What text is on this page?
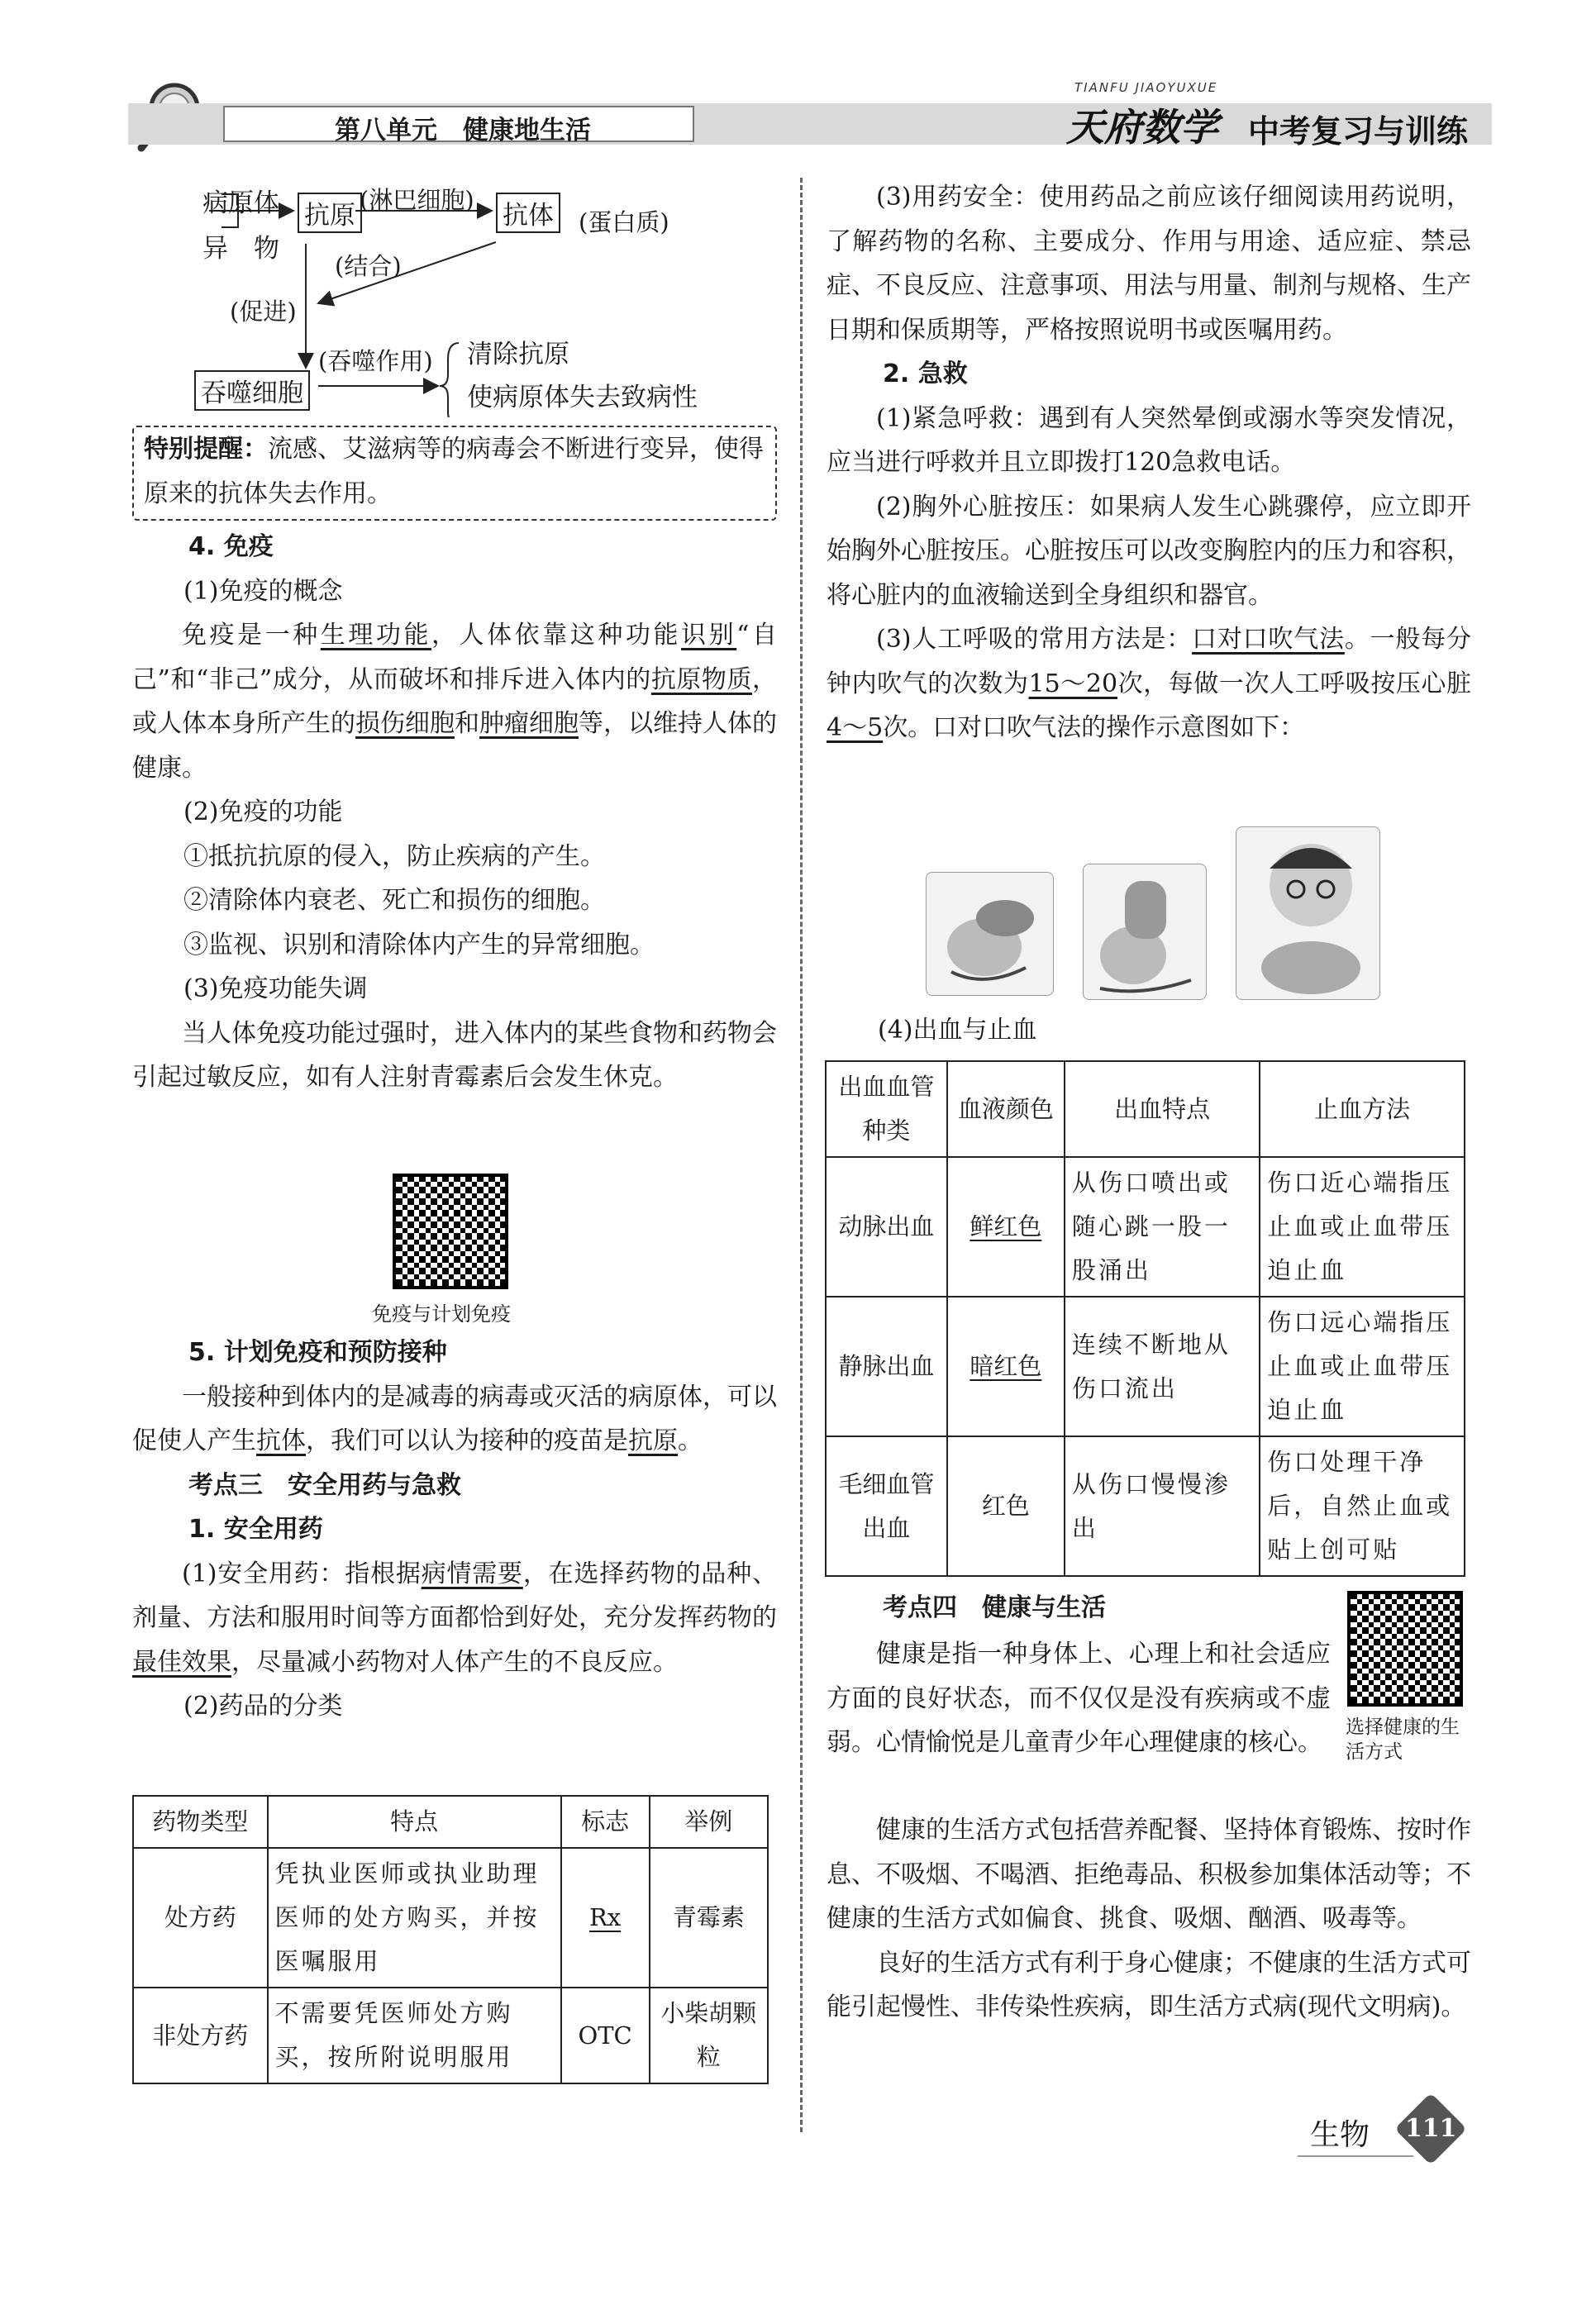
第八单元　健康地生活
TIANFU JIAOYUXUE
天府数学 中考复习与训练
病原体
异　物
抗原
(淋巴细胞)
抗体 (蛋白质)
(结合)
(促进)
(吞噬作用)
吞噬细胞
清除抗原
使病原体失去致病性
特别提醒：流感、艾滋病等的病毒会不断进行变异，使得原来的抗体失去作用。
4. 免疫
(1)免疫的概念
免疫是一种生理功能，人体依靠这种功能识别“自己”和“非己”成分，从而破坏和排斥进入体内的抗原物质，或人体本身所产生的损伤细胞和肿瘤细胞等，以维持人体的健康。
(2)免疫的功能
①抵抗抗原的侵入，防止疾病的产生。
②清除体内衰老、死亡和损伤的细胞。
③监视、识别和清除体内产生的异常细胞。
(3)免疫功能失调
当人体免疫功能过强时，进入体内的某些食物和药物会引起过敏反应，如有人注射青霉素后会发生休克。
免疫与计划免疫
5. 计划免疫和预防接种
一般接种到体内的是减毒的病毒或灭活的病原体，可以促使人产生抗体，我们可以认为接种的疫苗是抗原。
考点三　安全用药与急救
1. 安全用药
(1)安全用药：指根据病情需要，在选择药物的品种、剂量、方法和服用时间等方面都恰到好处，充分发挥药物的最佳效果，尽量减小药物对人体产生的不良反应。
(2)药品的分类
药物类型	特点	标志	举例
处方药	凭执业医师或执业助理医师的处方购买，并按医嘱服用	Rx	青霉素
非处方药	不需要凭医师处方购买，按所附说明服用	OTC	小柴胡颗粒
(3)用药安全：使用药品之前应该仔细阅读用药说明，了解药物的名称、主要成分、作用与用途、适应症、禁忌症、不良反应、注意事项、用法与用量、制剂与规格、生产日期和保质期等，严格按照说明书或医嘱用药。
2. 急救
(1)紧急呼救：遇到有人突然晕倒或溺水等突发情况，应当进行呼救并且立即拨打120急救电话。
(2)胸外心脏按压：如果病人发生心跳骤停，应立即开始胸外心脏按压。心脏按压可以改变胸腔内的压力和容积，将心脏内的血液输送到全身组织和器官。
(3)人工呼吸的常用方法是：口对口吹气法。一般每分钟内吹气的次数为15～20次，每做一次人工呼吸按压心脏4～5次。口对口吹气法的操作示意图如下：
(4)出血与止血
出血血管种类	血液颜色	出血特点	止血方法
动脉出血	鲜红色	从伤口喷出或随心跳一股一股涌出	伤口近心端指压止血或止血带压迫止血
静脉出血	暗红色	连续不断地从伤口流出	伤口远心端指压止血或止血带压迫止血
毛细血管出血	红色	从伤口慢慢渗出	伤口处理干净后，自然止血或贴上创可贴
考点四　健康与生活
选择健康的生活方式
健康是指一种身体上、心理上和社会适应方面的良好状态，而不仅仅是没有疾病或不虚弱。心情愉悦是儿童青少年心理健康的核心。
健康的生活方式包括营养配餐、坚持体育锻炼、按时作息、不吸烟、不喝酒、拒绝毒品、积极参加集体活动等；不健康的生活方式如偏食、挑食、吸烟、酗酒、吸毒等。
良好的生活方式有利于身心健康；不健康的生活方式可能引起慢性、非传染性疾病，即生活方式病(现代文明病)。
生物	111
